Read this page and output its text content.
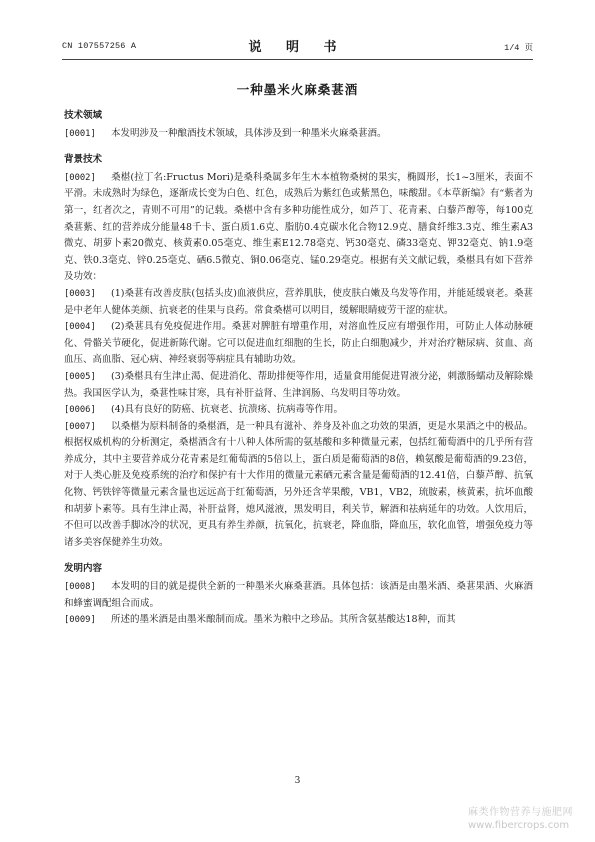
CN 107557256 A	说 明 书	1/4 页
一种墨米火麻桑葚酒
技术领域

[0001] 本发明涉及一种酿酒技术领域，具体涉及到一种墨米火麻桑葚酒。

背景技术

[0002] 桑椹(拉丁名:Fructus Mori)是桑科桑属多年生木本植物桑树的果实，椭圆形，长1~3厘米，表面不平滑。未成熟时为绿色，逐渐成长变为白色、红色，成熟后为紫红色或紫黑色，味酸甜。《本草新编》有“紫者为第一，红者次之，青则不可用”的记载。桑椹中含有多种功能性成分，如芦丁、花青素、白藜芦醇等，每100克桑葚紫、红的营养成分能量48千卡、蛋白质1.6克、脂肪0.4克碳水化合物12.9克、膳食纤维3.3克、维生素A3微克、胡萝卜素20微克、核黄素0.05毫克、维生素E12.78毫克、钙30毫克、磷33毫克、钾32毫克、钠1.9毫克、铁0.3毫克、锌0.25毫克、硒6.5微克、铜0.06毫克、锰0.29毫克。根据有关文献记载，桑椹具有如下营养及功效：

[0003] (1)桑葚有改善皮肤(包括头皮)血液供应，营养肌肤，使皮肤白嫩及乌发等作用，并能延缓衰老。桑葚是中老年人健体美颜、抗衰老的佳果与良药。常食桑椹可以明目，缓解眼睛疲劳干涩的症状。

[0004] (2)桑葚具有免疫促进作用。桑葚对脾脏有增重作用，对溶血性反应有增强作用，可防止人体动脉硬化、骨骼关节硬化，促进新陈代谢。它可以促进血红细胞的生长，防止白细胞减少，并对治疗糖尿病、贫血、高血压、高血脂、冠心病、神经衰弱等病症具有辅助功效。

[0005] (3)桑椹具有生津止渴、促进消化、帮助排便等作用，适量食用能促进胃液分泌，刺激肠蠕动及解除燥热。我国医学认为，桑葚性味甘寒，具有补肝益肾、生津润肠、乌发明目等功效。

[0006] (4)具有良好的防癌、抗衰老、抗溃疡、抗病毒等作用。

[0007] 以桑椹为原料制备的桑椹酒，是一种具有滋补、养身及补血之功效的果酒，更是水果酒之中的极品。根据权威机构的分析测定，桑椹酒含有十八种人体所需的氨基酸和多种微量元素，包括红葡萄酒中的几乎所有营养成分，其中主要营养成分花青素是红葡萄酒的5倍以上，蛋白质是葡萄酒的8倍，赖氨酸是葡萄酒的9.23倍，对于人类心脏及免疫系统的治疗和保护有十大作用的微量元素硒元素含量是葡萄酒的12.41倍，白藜芦醇、抗氧化物、钙铁锌等微量元素含量也远远高于红葡萄酒，另外还含苹果酸，VB1，VB2，琉胺素，核黄素，抗坏血酸和胡萝卜素等。具有生津止渴，补肝益肾，熄风滋液，黑发明目，利关节，解酒和祛病延年的功效。人饮用后，不但可以改善手脚冰冷的状况，更具有养生养颜，抗氧化，抗衰老，降血脂，降血压，软化血管，增强免疫力等诸多美容保健养生功效。

发明内容

[0008] 本发明的目的就是提供全新的一种墨米火麻桑葚酒。具体包括：该酒是由墨米酒、桑葚果酒、火麻酒和蜂蜜调配组合而成。

[0009] 所述的墨米酒是由墨米酿制而成。墨米为粮中之珍品。其所含氨基酸达18种，而其

3
麻类作物营养与施肥网
www.fibercrops.com
